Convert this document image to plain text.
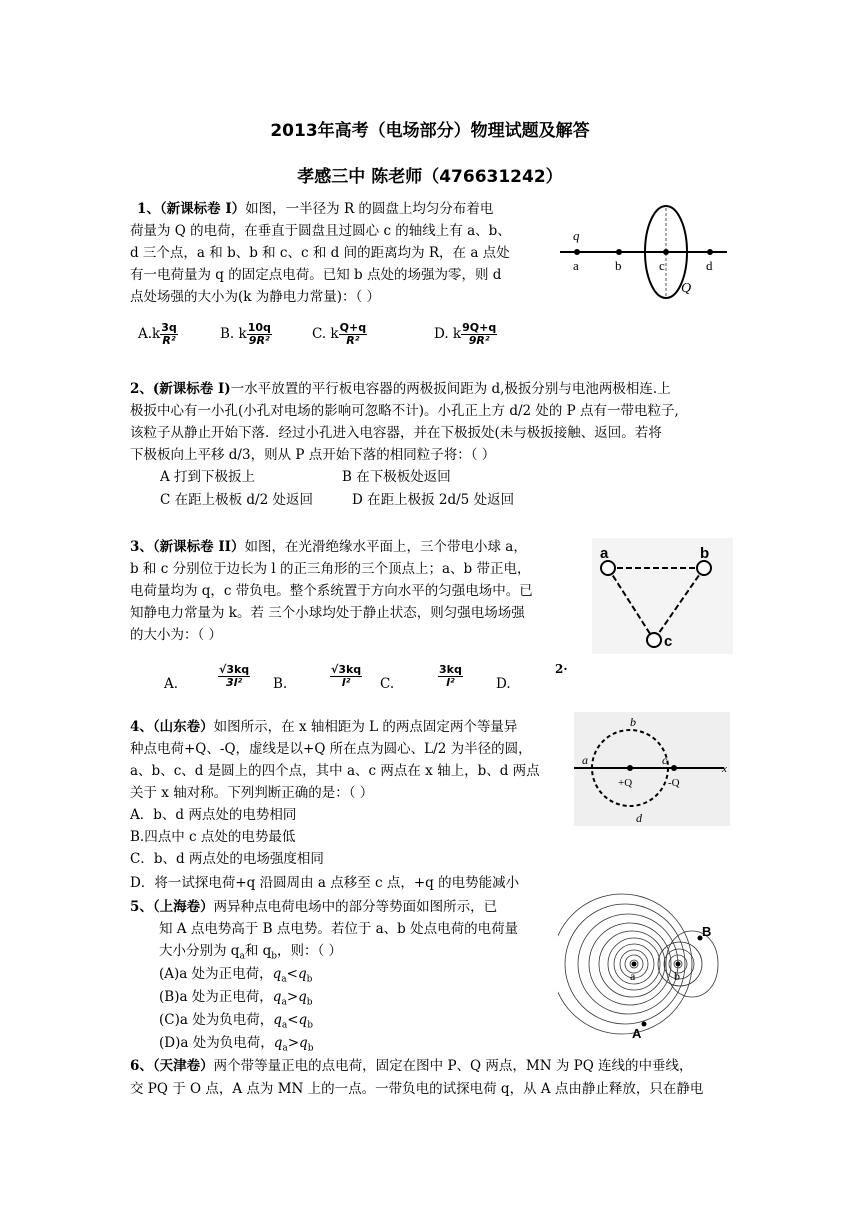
2013年高考（电场部分）物理试题及解答
孝感三中 陈老师（476631242）
1、（新课标卷 I）如图，一半径为 R 的圆盘上均匀分布着电
荷量为 Q 的电荷，在垂直于圆盘且过圆心 c 的轴线上有 a、b、
d 三个点，a 和 b、b 和 c、c 和 d 间的距离均为 R，在 a 点处
有一电荷量为 q 的固定点电荷。已知 b 点处的场强为零，则 d
点处场强的大小为(k 为静电力常量)：（ ）
$A.k \frac{3q}{\text{R²}}$	B. k $\frac{10q}{\text{9R²}}$	C. k $\frac{Q+q}{\text{R²}}$	D. k $\frac{9Q+q}{\text{9R²}}$
q
a	b	c	d
Q
2、(新课标卷 I)一水平放置的平行板电容器的两极扳间距为 d,极扳分别与电池两极相连.上
极扳中心有一小孔(小孔对电场的影响可忽略不计)。小孔正上方 d/2 处的 P 点有一带电粒子,
该粒子从静止开始下落．经过小孔进入电容器，并在下极扳处(未与极扳接触、返回。若将
下极板向上平移 d/3，则从 P 点开始下落的相同粒子将：（ ）
A 打到下极扳上	B 在下极板处返回
C 在距上极板 d/2 处返回	D 在距上极扳 2d/5 处返回
3、（新课标卷 II）如图，在光滑绝缘水平面上，三个带电小球 a，
b 和 c 分别位于边长为 l 的正三角形的三个顶点上；a、b 带正电，
电荷量均为 q，c 带负电。整个系统置于方向水平的匀强电场中。已
知静电力常量为 k。若 三个小球均处于静止状态，则匀强电场场强
的大小为：（ ）
A.	$\frac{√3kq}{\text{3l²}} B$.	$\frac{√3kq}{\text{l²}} C$.	$\frac{3kq}{\text{l²}} D$.
2·
a	b
c
4、（山东卷）如图所示，在 x 轴相距为 L 的两点固定两个等量异
种点电荷+Q、-Q，虚线是以+Q 所在点为圆心、L/2 为半径的圆，
a、b、c、d 是圆上的四个点，其中 a、c 两点在 x 轴上，b、d 两点
关于 x 轴对称。下列判断正确的是：（ ）
A．b、d 两点处的电势相同
B.四点中 c 点处的电势最低
C．b、d 两点处的电场强度相同
D．将一试探电荷+q 沿圆周由 a 点移至 c 点，+q 的电势能减小
b
a	c
d
+Q	-Q
x
5、（上海卷）两异种点电荷电场中的部分等势面如图所示，已
知 A 点电势高于 B 点电势。若位于 a、b 处点电荷的电荷量
大小分别为 $q_a$和 $q_b$，则：（ ）
(A)a 处为正电荷，$q_a<q_b$
(B)a 处为正电荷，$q_a>q_b$
(C)a 处为负电荷，$q_a<q_b$
(D)a 处为负电荷，$q_a>q_b$
a	b
B
A
6、（天津卷）两个带等量正电的点电荷，固定在图中 P、Q 两点，MN 为 PQ 连线的中垂线，
交 PQ 于 O 点，A 点为 MN 上的一点。一带负电的试探电荷 q，从 A 点由静止释放，只在静电
